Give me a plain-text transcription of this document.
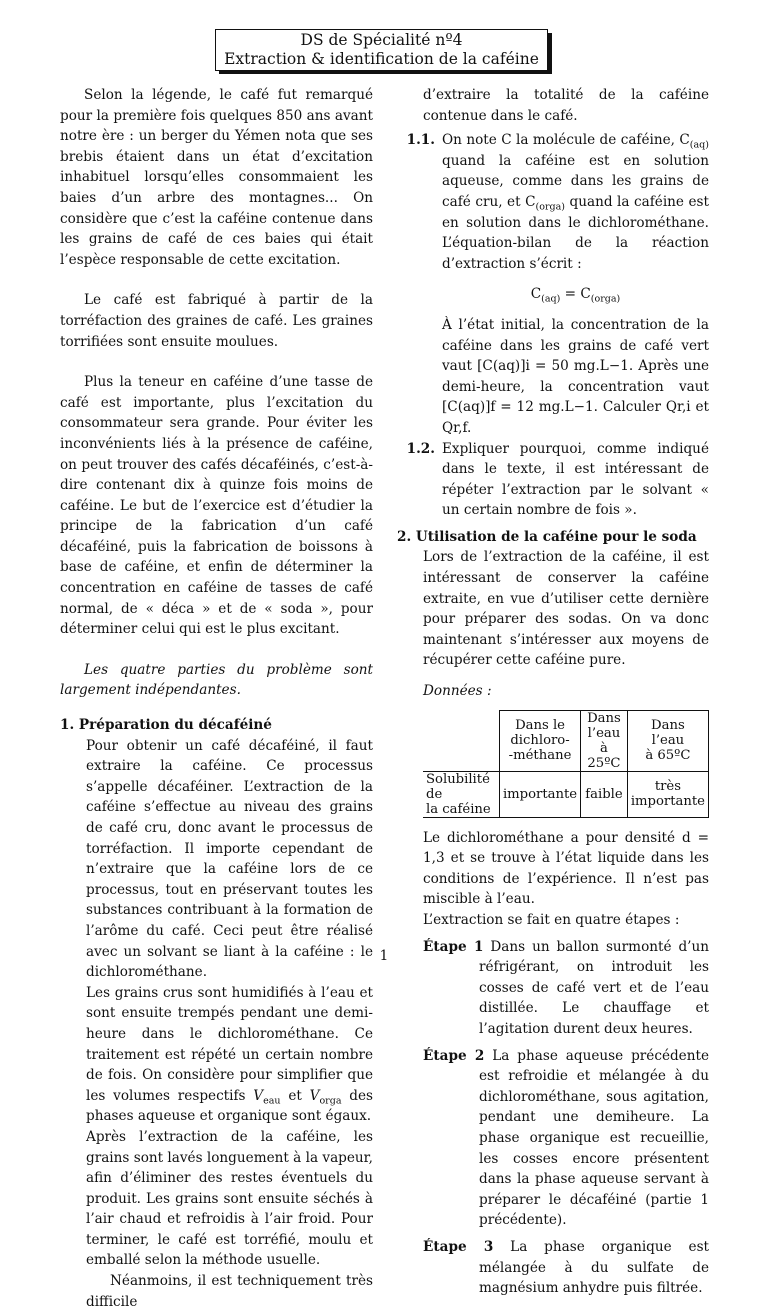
DS de Spécialité nº4
Extraction & identification de la caféine

Selon la légende, le café fut remarqué pour la première fois quelques 850 ans avant notre ère : un berger du Yémen nota que ses brebis étaient dans un état d’excitation inhabituel lorsqu’elles consommaient les baies d’un arbre des montagnes... On considère que c’est la caféine contenue dans les grains de café de ces baies qui était l’espèce responsable de cette excitation.

Le café est fabriqué à partir de la torréfaction des graines de café. Les graines torrifiées sont ensuite moulues.

Plus la teneur en caféine d’une tasse de café est importante, plus l’excitation du consommateur sera grande. Pour éviter les inconvénients liés à la présence de caféine, on peut trouver des cafés décaféinés, c’est-à-dire contenant dix à quinze fois moins de caféine. Le but de l’exercice est d’étudier la principe de la fabrication d’un café décaféiné, puis la fabrication de boissons à base de caféine, et enfin de déterminer la concentration en caféine de tasses de café normal, de « déca » et de « soda », pour déterminer celui qui est le plus excitant.

Les quatre parties du problème sont largement indépendantes.

1. Préparation du décaféiné

Pour obtenir un café décaféiné, il faut extraire la caféine. Ce processus s’appelle décaféiner. L’extraction de la caféine s’effectue au niveau des grains de café cru, donc avant le processus de torréfaction. Il importe cependant de n’extraire que la caféine lors de ce processus, tout en préservant toutes les substances contribuant à la formation de l’arôme du café. Ceci peut être réalisé avec un solvant se liant à la caféine : le dichlorométhane.

Les grains crus sont humidifiés à l’eau et sont ensuite trempés pendant une demi-heure dans le dichlorométhane. Ce traitement est répété un certain nombre de fois. On considère pour simplifier que les volumes respectifs $V_{eau}$ et $V_{orga}$ des phases aqueuse et organique sont égaux.

Après l’extraction de la caféine, les grains sont lavés longuement à la vapeur, afin d’éliminer des restes éventuels du produit. Les grains sont ensuite séchés à l’air chaud et refroidis à l’air froid. Pour terminer, le café est torréfié, moulu et emballé selon la méthode usuelle.

Néanmoins, il est techniquement très difficile

d’extraire la totalité de la caféine contenue dans le café.

1.1. On note C la molécule de caféine, $C_{(aq)}$ quand la caféine est en solution aqueuse, comme dans les grains de café cru, et $C_{(orga)}$ quand la caféine est en solution dans le dichlorométhane. L’équation-bilan de la réaction d’extraction s’écrit :

$C_{(aq)} = C_{(orga)}$

À l’état initial, la concentration de la caféine dans les grains de café vert vaut [C(aq)]i = 50 mg.L−1. Après une demi-heure, la concentration vaut [C(aq)]f = 12 mg.L−1. Calculer Qr,i et Qr,f.

1.2. Expliquer pourquoi, comme indiqué dans le texte, il est intéressant de répéter l’extraction par le solvant « un certain nombre de fois ».
2. Utilisation de la caféine pour le soda

Lors de l’extraction de la caféine, il est intéressant de conserver la caféine extraite, en vue d’utiliser cette dernière pour préparer des sodas. On va donc maintenant s’intéresser aux moyens de récupérer cette caféine pure.

Données :

	Dans le
dichloro-
-méthane	Dans
l’eau
à 25ºC	Dans
l’eau
à 65ºC
Solubilité de
la caféine	importante	faible	très
importante

Le dichlorométhane a pour densité d = 1,3 et se trouve à l’état liquide dans les conditions de l’expérience. Il n’est pas miscible à l’eau.

L’extraction se fait en quatre étapes :

Étape 1 Dans un ballon surmonté d’un réfrigérant, on introduit les cosses de café vert et de l’eau distillée. Le chauffage et l’agitation durent deux heures.
Étape 2 La phase aqueuse précédente est refroidie et mélangée à du dichlorométhane, sous agitation, pendant une demiheure. La phase organique est recueillie, les cosses encore présentent dans la phase aqueuse servant à préparer le décaféiné (partie 1 précédente).
Étape 3 La phase organique est mélangée à du sulfate de magnésium anhydre puis filtrée.
1
